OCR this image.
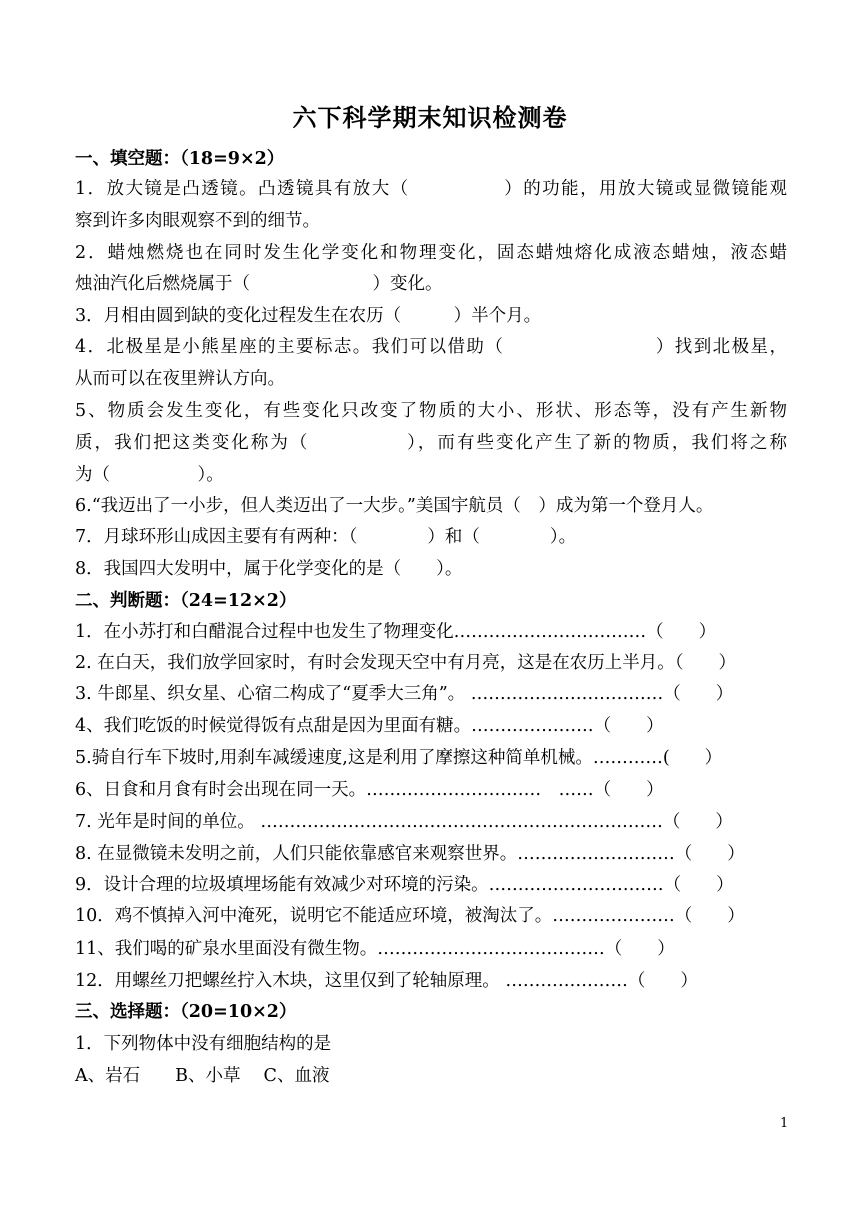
六下科学期末知识检测卷
一、填空题：（18=9×2）
1．放大镜是凸透镜。凸透镜具有放大（　　　　　）的功能，用放大镜或显微镜能观
察到许多肉眼观察不到的细节。
2．蜡烛燃烧也在同时发生化学变化和物理变化，固态蜡烛熔化成液态蜡烛，液态蜡
烛油汽化后燃烧属于（　　　　　　　）变化。
3．月相由圆到缺的变化过程发生在农历（　　　）半个月。
4．北极星是小熊星座的主要标志。我们可以借助（　　　　　　　　）找到北极星，
从而可以在夜里辨认方向。
5、物质会发生变化，有些变化只改变了物质的大小、形状、形态等，没有产生新物
质，我们把这类变化称为（　　　　　），而有些变化产生了新的物质，我们将之称
为（　　　　　）。
6.“我迈出了一小步，但人类迈出了一大步。”美国宇航员（　）成为第一个登月人。
7．月球环形山成因主要有有两种：（　　　　）和（　　　　）。
8．我国四大发明中，属于化学变化的是（　　）。
二、判断题：（24=12×2）
1．在小苏打和白醋混合过程中也发生了物理变化……………………………（　　）
2. 在白天，我们放学回家时，有时会发现天空中有月亮，这是在农历上半月。（　　）
3. 牛郎星、织女星、心宿二构成了“夏季大三角”。 ……………………………（　　）
4、我们吃饭的时候觉得饭有点甜是因为里面有糖。…………………（　　）
5.骑自行车下坡时,用刹车减缓速度,这是利用了摩擦这种简单机械。…………(　　）
6、日食和月食有时会出现在同一天。…………………………　……（　　）
7. 光年是时间的单位。 ……………………………………………………………（　　）
8. 在显微镜未发明之前，人们只能依靠感官来观察世界。………………………（　　）
9．设计合理的垃圾填埋场能有效减少对环境的污染。…………………………（　　）
10．鸡不慎掉入河中淹死，说明它不能适应环境，被淘汰了。…………………（　　）
11、我们喝的矿泉水里面没有微生物。…………………………………（　　）
12．用螺丝刀把螺丝拧入木块，这里仅到了轮轴原理。 …………………（　　）
三、选择题：（20=10×2）
1．下列物体中没有细胞结构的是
A、岩石　　B、小草　 C、血液
1
